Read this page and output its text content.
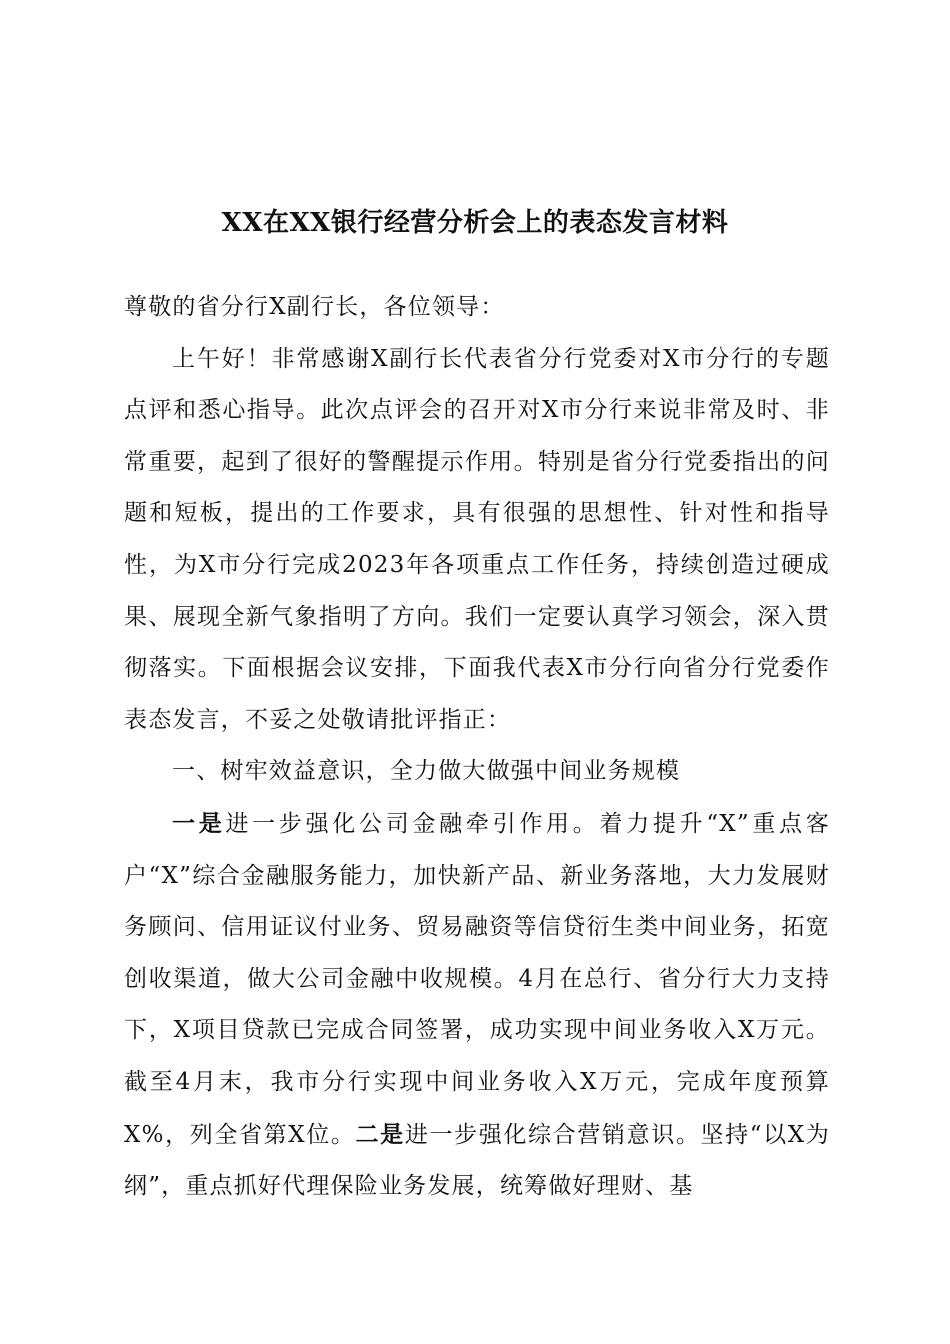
XX在XX银行经营分析会上的表态发言材料

尊敬的省分行X副行长，各位领导：

上午好！非常感谢X副行长代表省分行党委对X市分行的专题点评和悉心指导。此次点评会的召开对X市分行来说非常及时、非常重要，起到了很好的警醒提示作用。特别是省分行党委指出的问题和短板，提出的工作要求，具有很强的思想性、针对性和指导性，为X市分行完成2023年各项重点工作任务，持续创造过硬成果、展现全新气象指明了方向。我们一定要认真学习领会，深入贯彻落实。下面根据会议安排，下面我代表X市分行向省分行党委作表态发言，不妥之处敬请批评指正：

一、树牢效益意识，全力做大做强中间业务规模

一是进一步强化公司金融牵引作用。着力提升“X”重点客户“X”综合金融服务能力，加快新产品、新业务落地，大力发展财务顾问、信用证议付业务、贸易融资等信贷衍生类中间业务，拓宽创收渠道，做大公司金融中收规模。4月在总行、省分行大力支持下，X项目贷款已完成合同签署，成功实现中间业务收入X万元。截至4月末，我市分行实现中间业务收入X万元，完成年度预算X%，列全省第X位。二是进一步强化综合营销意识。坚持“以X为纲”，重点抓好代理保险业务发展，统筹做好理财、基
